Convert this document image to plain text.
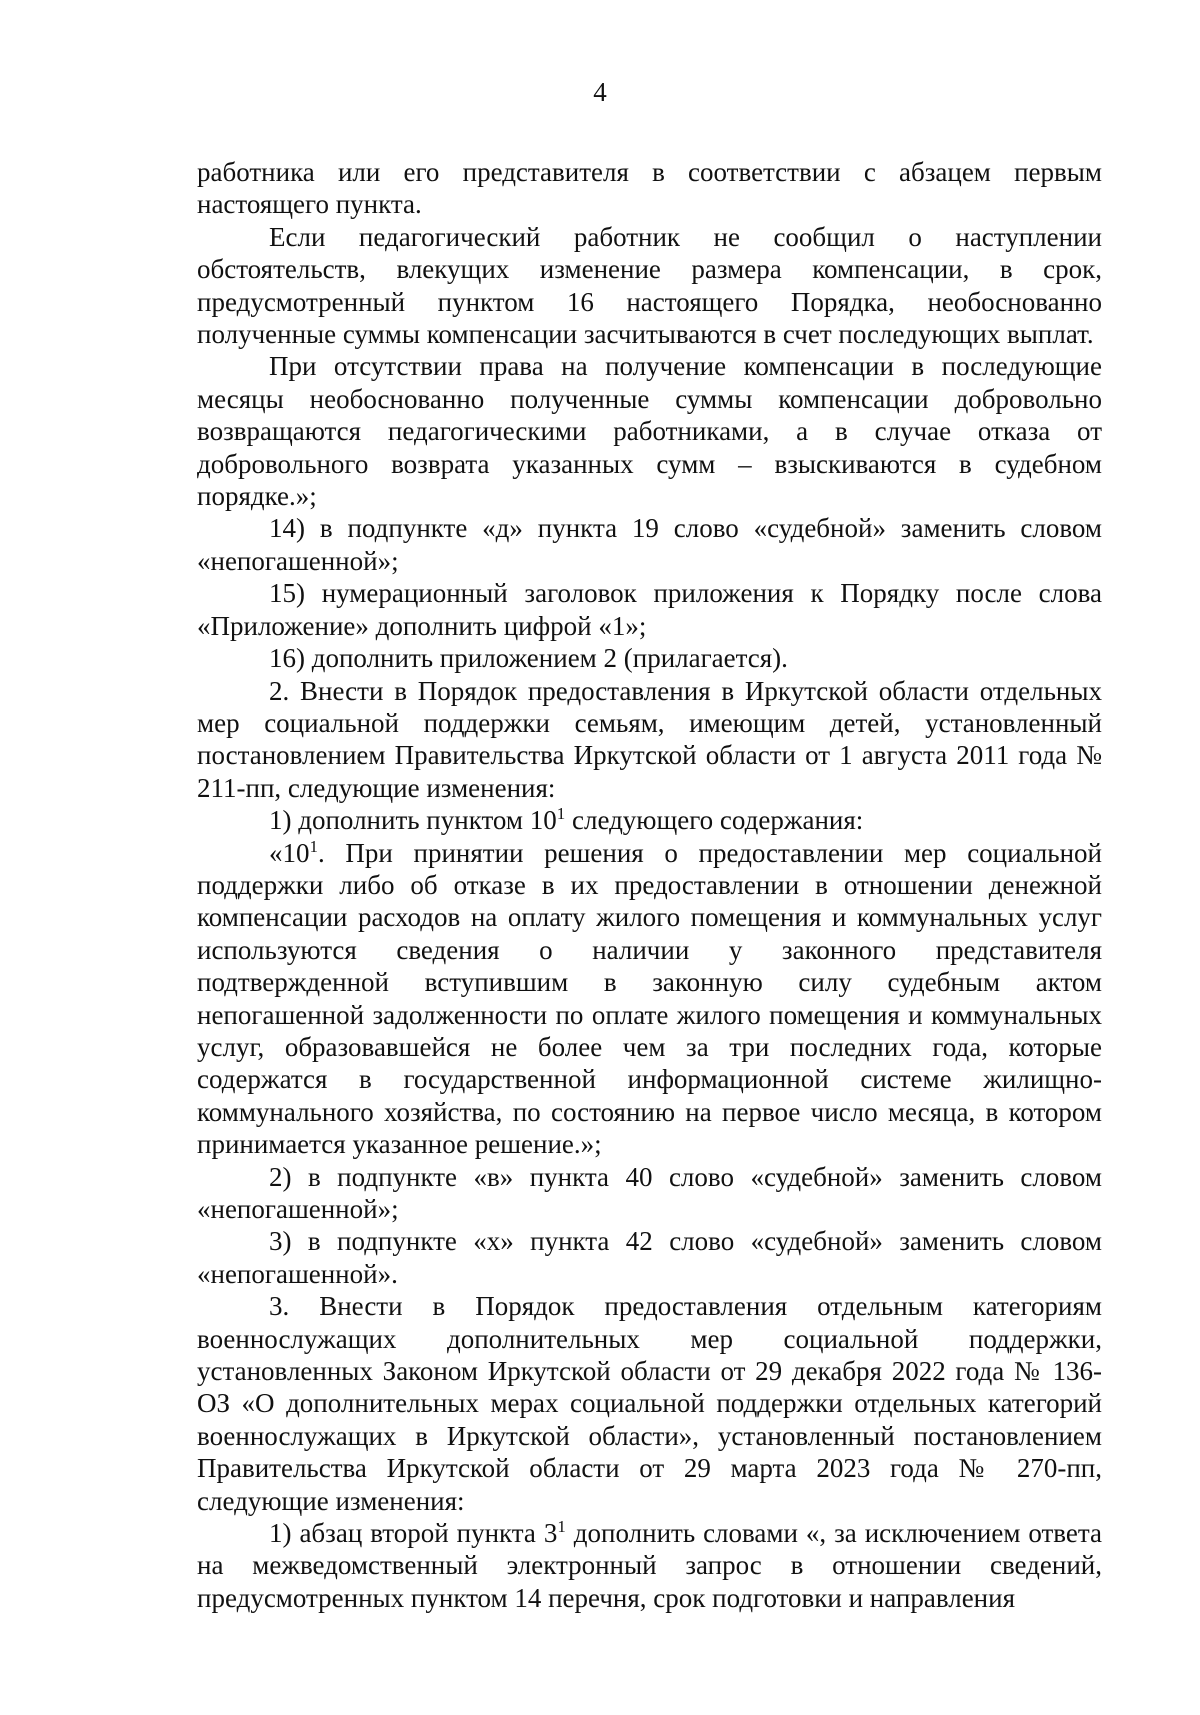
4

работника или его представителя в соответствии с абзацем первым настоящего пункта.

Если педагогический работник не сообщил о наступлении обстоятельств, влекущих изменение размера компенсации, в срок, предусмотренный пунктом 16 настоящего Порядка, необоснованно полученные суммы компенсации засчитываются в счет последующих выплат.

При отсутствии права на получение компенсации в последующие месяцы необоснованно полученные суммы компенсации добровольно возвращаются педагогическими работниками, а в случае отказа от добровольного возврата указанных сумм – взыскиваются в судебном порядке.»;

14) в подпункте «д» пункта 19 слово «судебной» заменить словом «непогашенной»;

15) нумерационный заголовок приложения к Порядку после слова «Приложение» дополнить цифрой «1»;

16) дополнить приложением 2 (прилагается).

2. Внести в Порядок предоставления в Иркутской области отдельных мер социальной поддержки семьям, имеющим детей, установленный постановлением Правительства Иркутской области от 1 августа 2011 года № 211-пп, следующие изменения:

1) дополнить пунктом $10^1$ следующего содержания:

«$10^1$. При принятии решения о предоставлении мер социальной поддержки либо об отказе в их предоставлении в отношении денежной компенсации расходов на оплату жилого помещения и коммунальных услуг используются сведения о наличии у законного представителя подтвержденной вступившим в законную силу судебным актом непогашенной задолженности по оплате жилого помещения и коммунальных услуг, образовавшейся не более чем за три последних года, которые содержатся в государственной информационной системе жилищно-коммунального хозяйства, по состоянию на первое число месяца, в котором принимается указанное решение.»;

2) в подпункте «в» пункта 40 слово «судебной» заменить словом «непогашенной»;

3) в подпункте «х» пункта 42 слово «судебной» заменить словом «непогашенной».

3. Внести в Порядок предоставления отдельным категориям военнослужащих дополнительных мер социальной поддержки, установленных Законом Иркутской области от 29 декабря 2022 года № 136-ОЗ «О дополнительных мерах социальной поддержки отдельных категорий военнослужащих в Иркутской области», установленный постановлением Правительства Иркутской области от 29 марта 2023 года № 270-пп, следующие изменения:

1) абзац второй пункта $3^1$ дополнить словами «, за исключением ответа на межведомственный электронный запрос в отношении сведений, предусмотренных пунктом 14 перечня, срок подготовки и направления
